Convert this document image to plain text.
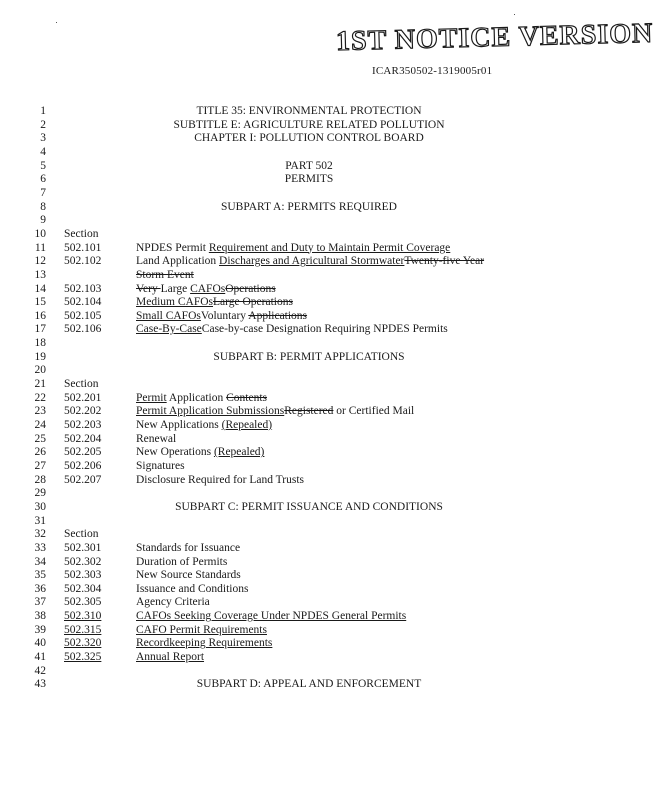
1ST NOTICE VERSION
ICAR350502-1319005r01
1	TITLE 35: ENVIRONMENTAL PROTECTION
2	SUBTITLE E: AGRICULTURE RELATED POLLUTION
3	CHAPTER I: POLLUTION CONTROL BOARD
4
5	PART 502
6	PERMITS
7
8	SUBPART A: PERMITS REQUIRED
9
10 Section
11 502.101	NPDES Permit Requirement and Duty to Maintain Permit Coverage
12 502.102	Land Application Discharges and Agricultural StormwaterTwenty-five Year
13	Storm Event
14 502.103	Very Large CAFOsOperations
15 502.104	Medium CAFOsLarge Operations
16 502.105	Small CAFOsVoluntary Applications
17 502.106	Case-By-CaseCase-by-case Designation Requiring NPDES Permits
18
19	SUBPART B: PERMIT APPLICATIONS
20
21 Section
22 502.201	Permit Application Contents
23 502.202	Permit Application SubmissionsRegistered or Certified Mail
24 502.203	New Applications (Repealed)
25 502.204	Renewal
26 502.205	New Operations (Repealed)
27 502.206	Signatures
28 502.207	Disclosure Required for Land Trusts
29
30	SUBPART C: PERMIT ISSUANCE AND CONDITIONS
31
32 Section
33 502.301	Standards for Issuance
34 502.302	Duration of Permits
35 502.303	New Source Standards
36 502.304	Issuance and Conditions
37 502.305	Agency Criteria
38 502.310	CAFOs Seeking Coverage Under NPDES General Permits
39 502.315	CAFO Permit Requirements
40 502.320	Recordkeeping Requirements
41 502.325	Annual Report
42
43	SUBPART D: APPEAL AND ENFORCEMENT
